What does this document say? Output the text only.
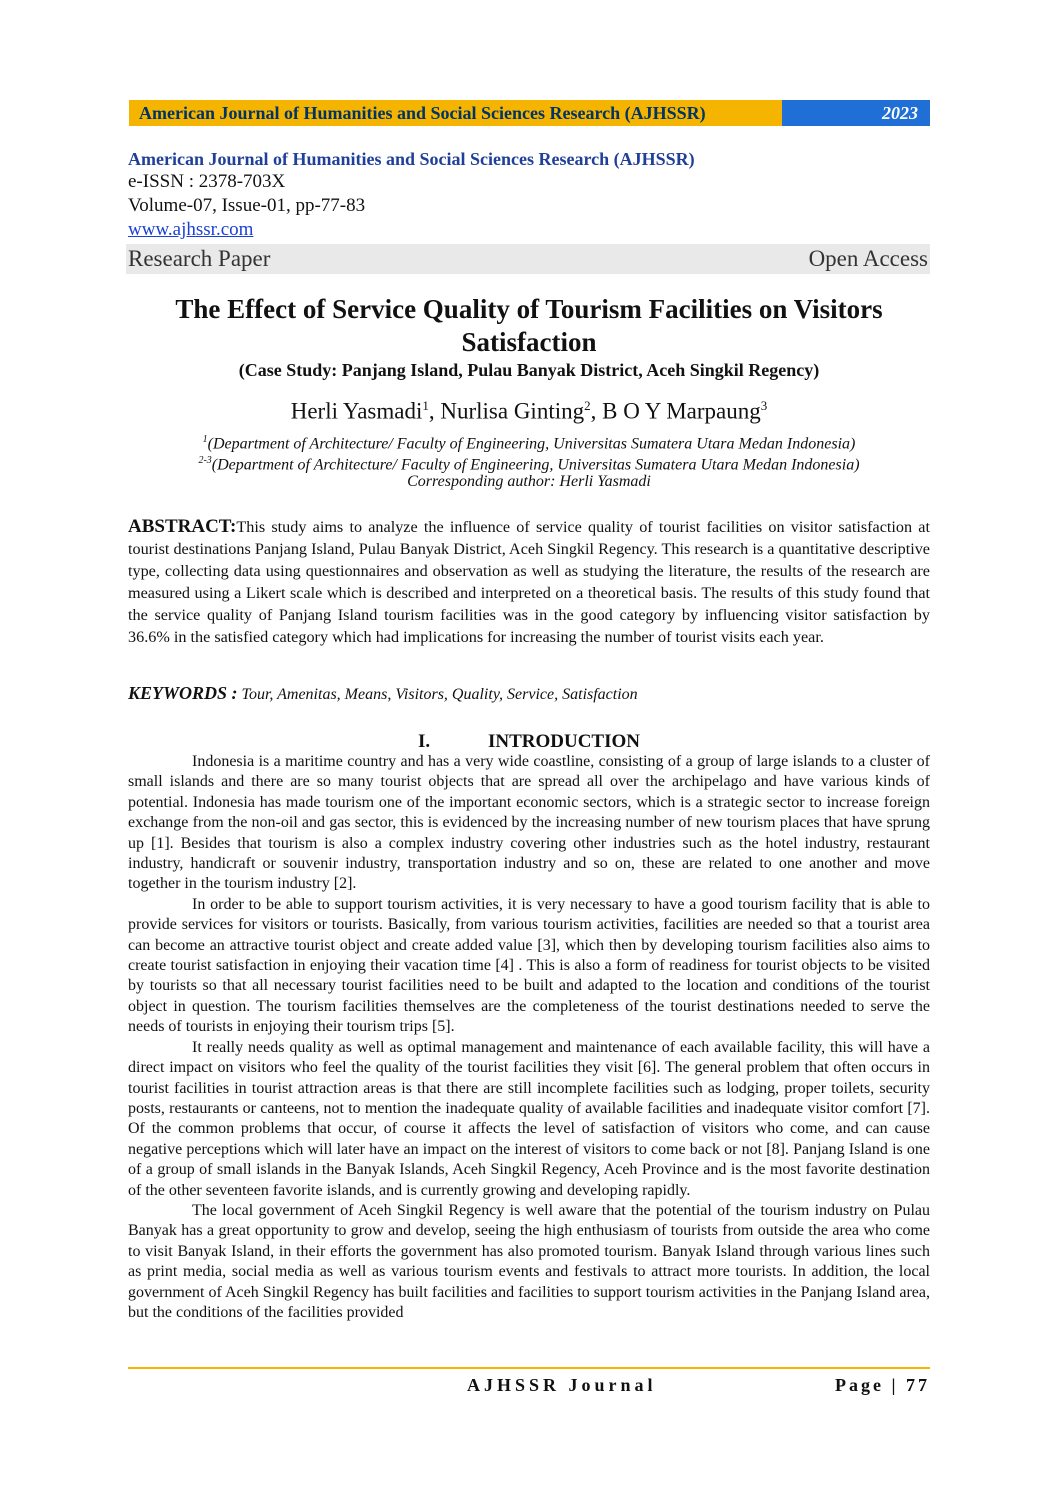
American Journal of Humanities and Social Sciences Research (AJHSSR)	2023
American Journal of Humanities and Social Sciences Research (AJHSSR)
e-ISSN : 2378-703X
Volume-07, Issue-01, pp-77-83
www.ajhssr.com
Research Paper	Open Access
The Effect of Service Quality of Tourism Facilities on Visitors Satisfaction
(Case Study: Panjang Island, Pulau Banyak District, Aceh Singkil Regency)
Herli Yasmadi$^1$, Nurlisa Ginting$^2$, B O Y Marpaung$^3$
$^1$(Department of Architecture/ Faculty of Engineering, Universitas Sumatera Utara Medan Indonesia)
$^{2-3}$(Department of Architecture/ Faculty of Engineering, Universitas Sumatera Utara Medan Indonesia)
Corresponding author: Herli Yasmadi
ABSTRACT:This study aims to analyze the influence of service quality of tourist facilities on visitor satisfaction at tourist destinations Panjang Island, Pulau Banyak District, Aceh Singkil Regency. This research is a quantitative descriptive type, collecting data using questionnaires and observation as well as studying the literature, the results of the research are measured using a Likert scale which is described and interpreted on a theoretical basis. The results of this study found that the service quality of Panjang Island tourism facilities was in the good category by influencing visitor satisfaction by 36.6% in the satisfied category which had implications for increasing the number of tourist visits each year.
KEYWORDS : Tour, Amenitas, Means, Visitors, Quality, Service, Satisfaction
I.	INTRODUCTION

Indonesia is a maritime country and has a very wide coastline, consisting of a group of large islands to a cluster of small islands and there are so many tourist objects that are spread all over the archipelago and have various kinds of potential. Indonesia has made tourism one of the important economic sectors, which is a strategic sector to increase foreign exchange from the non-oil and gas sector, this is evidenced by the increasing number of new tourism places that have sprung up [1]. Besides that tourism is also a complex industry covering other industries such as the hotel industry, restaurant industry, handicraft or souvenir industry, transportation industry and so on, these are related to one another and move together in the tourism industry [2].

In order to be able to support tourism activities, it is very necessary to have a good tourism facility that is able to provide services for visitors or tourists. Basically, from various tourism activities, facilities are needed so that a tourist area can become an attractive tourist object and create added value [3], which then by developing tourism facilities also aims to create tourist satisfaction in enjoying their vacation time [4] . This is also a form of readiness for tourist objects to be visited by tourists so that all necessary tourist facilities need to be built and adapted to the location and conditions of the tourist object in question. The tourism facilities themselves are the completeness of the tourist destinations needed to serve the needs of tourists in enjoying their tourism trips [5].

It really needs quality as well as optimal management and maintenance of each available facility, this will have a direct impact on visitors who feel the quality of the tourist facilities they visit [6]. The general problem that often occurs in tourist facilities in tourist attraction areas is that there are still incomplete facilities such as lodging, proper toilets, security posts, restaurants or canteens, not to mention the inadequate quality of available facilities and inadequate visitor comfort [7]. Of the common problems that occur, of course it affects the level of satisfaction of visitors who come, and can cause negative perceptions which will later have an impact on the interest of visitors to come back or not [8]. Panjang Island is one of a group of small islands in the Banyak Islands, Aceh Singkil Regency, Aceh Province and is the most favorite destination of the other seventeen favorite islands, and is currently growing and developing rapidly.

The local government of Aceh Singkil Regency is well aware that the potential of the tourism industry on Pulau Banyak has a great opportunity to grow and develop, seeing the high enthusiasm of tourists from outside the area who come to visit Banyak Island, in their efforts the government has also promoted tourism. Banyak Island through various lines such as print media, social media as well as various tourism events and festivals to attract more tourists. In addition, the local government of Aceh Singkil Regency has built facilities and facilities to support tourism activities in the Panjang Island area, but the conditions of the facilities provided

AJHSSR Journal	Page | 77
